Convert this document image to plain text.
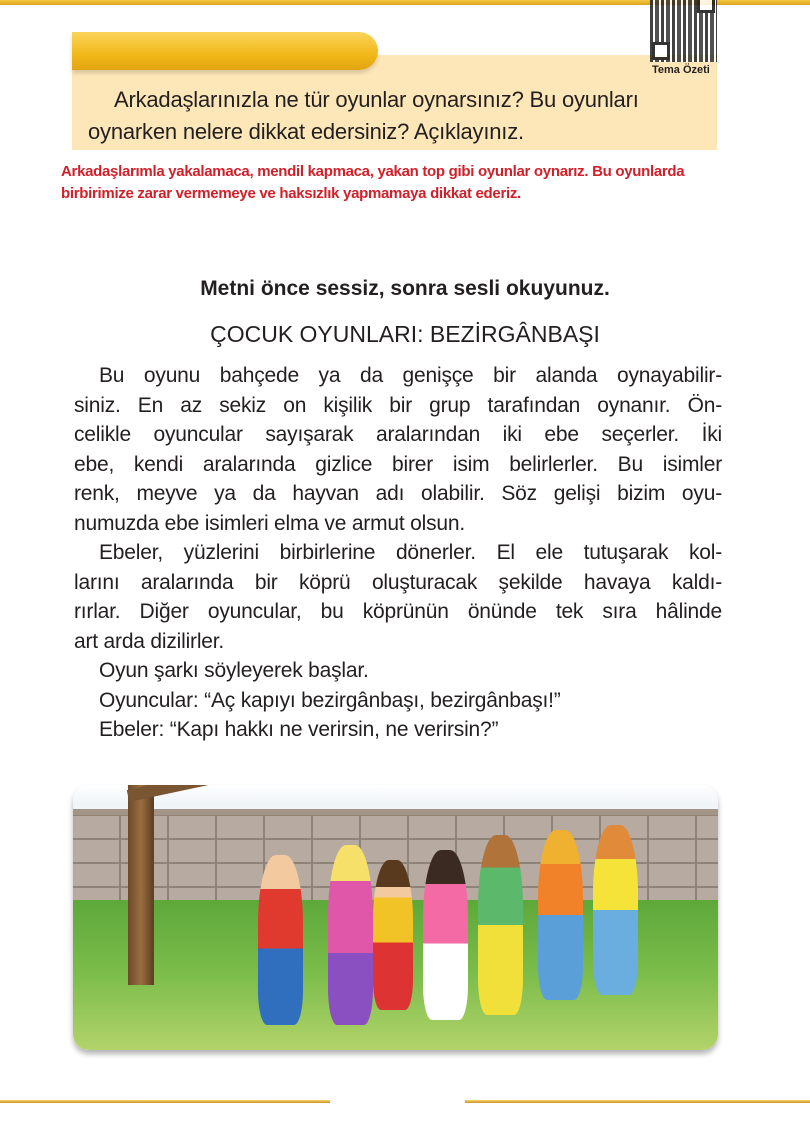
Tema Özeti
Arkadaşlarınızla ne tür oyunlar oynarsınız? Bu oyunları
oynarken nelere dikkat edersiniz? Açıklayınız.
Arkadaşlarımla yakalamaca, mendil kapmaca, yakan top gibi oyunlar oynarız. Bu oyunlarda
birbirimize zarar vermemeye ve haksızlık yapmamaya dikkat ederiz.
Metni önce sessiz, sonra sesli okuyunuz.
ÇOCUK OYUNLARI: BEZİRGÂNBAŞI
Bu oyunu bahçede ya da genişçe bir alanda oynayabilir-
siniz. En az sekiz on kişilik bir grup tarafından oynanır. Ön-
celikle oyuncular sayışarak aralarından iki ebe seçerler. İki
ebe, kendi aralarında gizlice birer isim belirlerler. Bu isimler
renk, meyve ya da hayvan adı olabilir. Söz gelişi bizim oyu-
numuzda ebe isimleri elma ve armut olsun.
Ebeler, yüzlerini birbirlerine dönerler. El ele tutuşarak kol-
larını aralarında bir köprü oluşturacak şekilde havaya kaldı-
rırlar. Diğer oyuncular, bu köprünün önünde tek sıra hâlinde
art arda dizilirler.
Oyun şarkı söyleyerek başlar.
Oyuncular: “Aç kapıyı bezirgânbaşı, bezirgânbaşı!”
Ebeler: “Kapı hakkı ne verirsin, ne verirsin?”
